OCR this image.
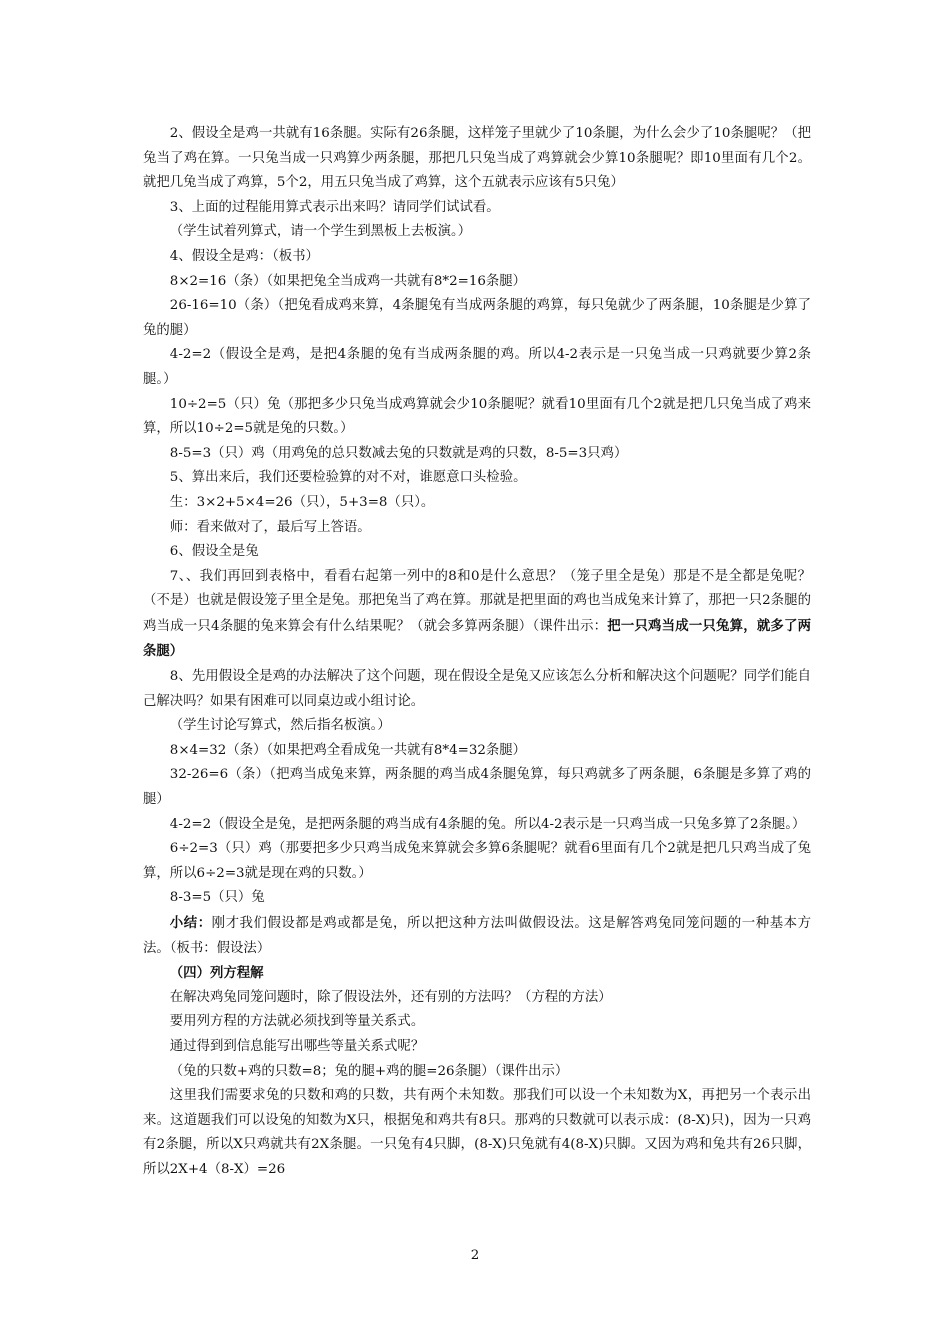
2、假设全是鸡一共就有16条腿。实际有26条腿，这样笼子里就少了10条腿，为什么会少了10条腿呢？（把兔当了鸡在算。一只兔当成一只鸡算少两条腿，那把几只兔当成了鸡算就会少算10条腿呢？即10里面有几个2。就把几兔当成了鸡算，5个2，用五只兔当成了鸡算，这个五就表示应该有5只兔）

3、上面的过程能用算式表示出来吗？请同学们试试看。

（学生试着列算式，请一个学生到黑板上去板演。）

4、假设全是鸡：（板书）

8×2=16（条）（如果把兔全当成鸡一共就有8*2=16条腿）

26-16=10（条）（把兔看成鸡来算，4条腿兔有当成两条腿的鸡算，每只兔就少了两条腿，10条腿是少算了兔的腿）

4-2=2（假设全是鸡，是把4条腿的兔有当成两条腿的鸡。所以4-2表示是一只兔当成一只鸡就要少算2条腿。）

10÷2=5（只）兔（那把多少只兔当成鸡算就会少10条腿呢？就看10里面有几个2就是把几只兔当成了鸡来算，所以10÷2=5就是兔的只数。）

8-5=3（只）鸡（用鸡兔的总只数减去兔的只数就是鸡的只数，8-5=3只鸡）

5、算出来后，我们还要检验算的对不对，谁愿意口头检验。

生：3×2+5×4=26（只），5+3=8（只）。

师：看来做对了，最后写上答语。

6、假设全是兔

7、、我们再回到表格中，看看右起第一列中的8和0是什么意思？（笼子里全是兔）那是不是全都是兔呢？（不是）也就是假设笼子里全是兔。那把兔当了鸡在算。那就是把里面的鸡也当成兔来计算了，那把一只2条腿的鸡当成一只4条腿的兔来算会有什么结果呢？（就会多算两条腿）（课件出示：把一只鸡当成一只兔算，就多了两条腿）

8、先用假设全是鸡的办法解决了这个问题，现在假设全是兔又应该怎么分析和解决这个问题呢？同学们能自己解决吗？如果有困难可以同桌边或小组讨论。

（学生讨论写算式，然后指名板演。）

8×4=32（条）（如果把鸡全看成兔一共就有8*4=32条腿）

32-26=6（条）（把鸡当成兔来算，两条腿的鸡当成4条腿兔算，每只鸡就多了两条腿，6条腿是多算了鸡的腿）

4-2=2（假设全是兔，是把两条腿的鸡当成有4条腿的兔。所以4-2表示是一只鸡当成一只兔多算了2条腿。）

6÷2=3（只）鸡（那要把多少只鸡当成兔来算就会多算6条腿呢？就看6里面有几个2就是把几只鸡当成了兔算，所以6÷2=3就是现在鸡的只数。）

8-3=5（只）兔

小结：刚才我们假设都是鸡或都是兔，所以把这种方法叫做假设法。这是解答鸡兔同笼问题的一种基本方法。（板书：假设法）

（四）列方程解

在解决鸡兔同笼问题时，除了假设法外，还有别的方法吗？（方程的方法）

要用列方程的方法就必须找到等量关系式。

通过得到到信息能写出哪些等量关系式呢？

（兔的只数+鸡的只数=8；兔的腿+鸡的腿=26条腿）（课件出示）

这里我们需要求兔的只数和鸡的只数，共有两个未知数。那我们可以设一个未知数为X，再把另一个表示出来。这道题我们可以设兔的知数为X只，根据兔和鸡共有8只。那鸡的只数就可以表示成：(8-X)只)，因为一只鸡有2条腿，所以X只鸡就共有2X条腿。一只兔有4只脚，(8-X)只兔就有4(8-X)只脚。又因为鸡和兔共有26只脚，所以2X+4（8-X）=26

2
